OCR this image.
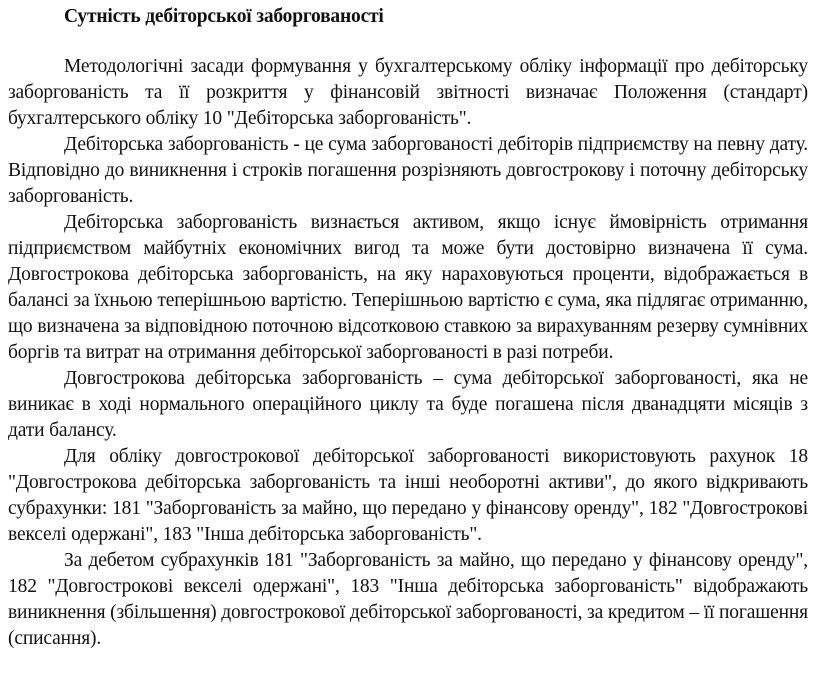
Сутність дебіторської заборгованості

Методологічні засади формування у бухгалтерському обліку інформації про дебіторську заборгованість та її розкриття у фінансовій звітності визначає Положення (стандарт) бухгалтерського обліку 10 "Дебіторська заборгованість".

Дебіторська заборгованість - це сума заборгованості дебіторів підприємству на певну дату. Відповідно до виникнення і строків погашення розрізняють довгострокову і поточну дебіторську заборгованість.

Дебіторська заборгованість визнається активом, якщо існує ймовірність отримання підприємством майбутніх економічних вигод та може бути достовірно визначена її сума. Довгострокова дебіторська заборгованість, на яку нараховуються проценти, відображається в балансі за їхньою теперішньою вартістю. Теперішньою вартістю є сума, яка підлягає отриманню, що визначена за відповідною поточною відсотковою ставкою за вирахуванням резерву сумнівних боргів та витрат на отримання дебіторської заборгованості в разі потреби.

Довгострокова дебіторська заборгованість – сума дебіторської заборгованості, яка не виникає в ході нормального операційного циклу та буде погашена після дванадцяти місяців з дати балансу.

Для обліку довгострокової дебіторської заборгованості використовують рахунок 18 "Довгострокова дебіторська заборгованість та інші необоротні активи", до якого відкривають субрахунки: 181 "Заборгованість за майно, що передано у фінансову оренду", 182 "Довгострокові векселі одержані", 183 "Інша дебіторська заборгованість".

За дебетом субрахунків 181 "Заборгованість за майно, що передано у фінансову оренду", 182 "Довгострокові векселі одержані", 183 "Інша дебіторська заборгованість" відображають виникнення (збільшення) довгострокової дебіторської заборгованості, за кредитом – її погашення (списання).
